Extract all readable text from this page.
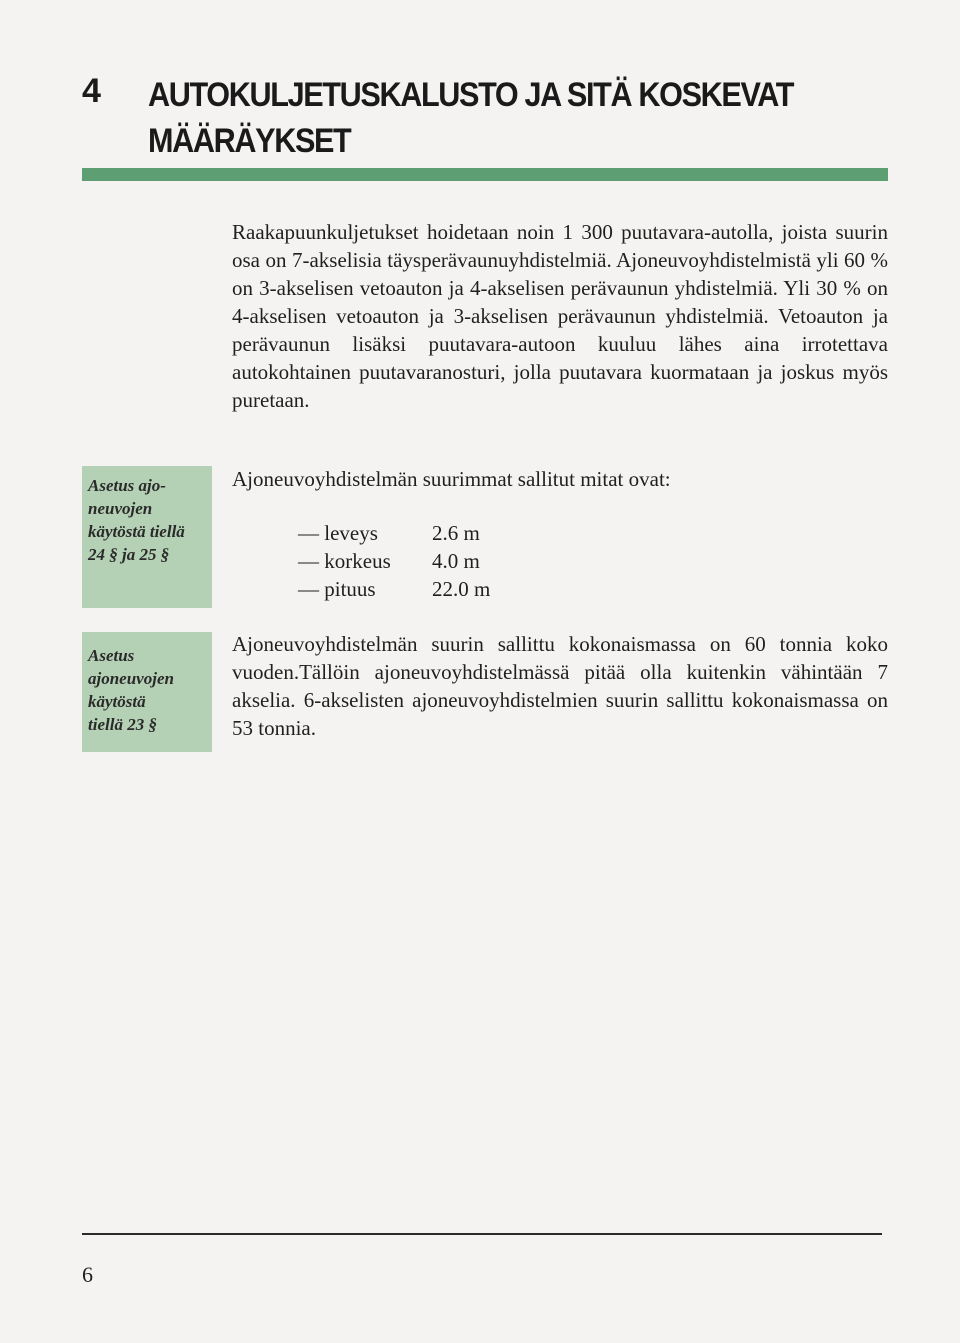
4 AUTOKULJETUSKALUSTO JA SITÄ KOSKEVAT MÄÄRÄYKSET
Raakapuunkuljetukset hoidetaan noin 1 300 puutavara-autolla, joista suurin osa on 7-akselisia täysperävaunuyhdistelmiä. Ajoneuvoyhdistelmistä yli 60 % on 3-akselisen vetoauton ja 4-akselisen perävaunun yhdistelmiä. Yli 30 % on 4-akselisen vetoauton ja 3-akselisen perävaunun yhdistelmiä. Vetoauton ja perävaunun lisäksi puutavara-autoon kuuluu lähes aina irrotettava autokohtainen puutavaranosturi, jolla puutavara kuormataan ja joskus myös puretaan.
Asetus ajo-
neuvojen
käytöstä tiellä
24 § ja 25 §
Ajoneuvoyhdistelmän suurimmat sallitut mitat ovat:
— leveys	2.6 m
— korkeus	4.0 m
— pituus	22.0 m
Asetus
ajoneuvojen
käytöstä
tiellä 23 §
Ajoneuvoyhdistelmän suurin sallittu kokonaismassa on 60 tonnia koko vuoden.Tällöin ajoneuvoyhdistelmässä pitää olla kuitenkin vähintään 7 akselia. 6-akselisten ajoneuvoyhdistelmien suurin sallittu kokonaismassa on 53 tonnia.
6
